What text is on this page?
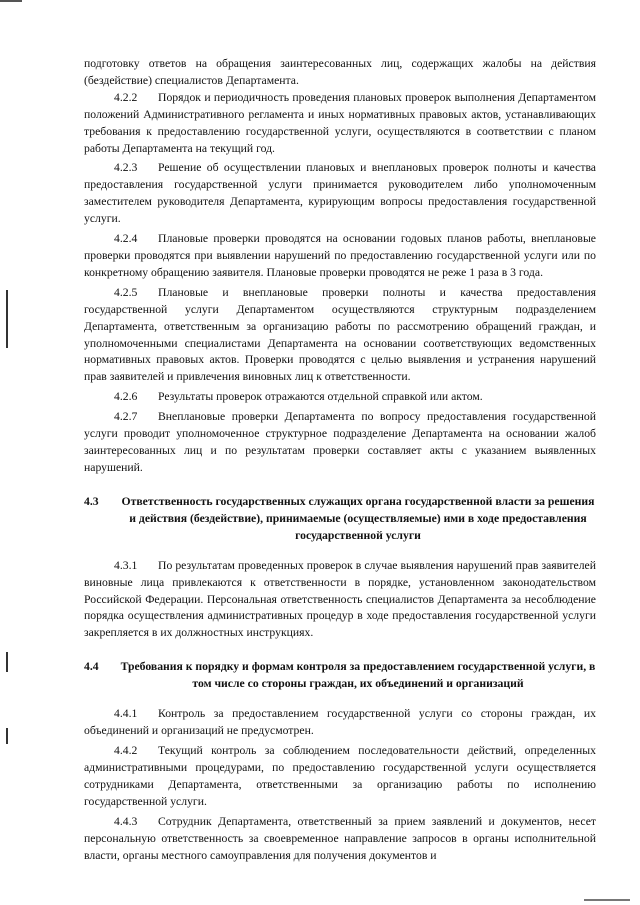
подготовку ответов на обращения заинтересованных лиц, содержащих жалобы на действия (бездействие) специалистов Департамента.

4.2.2 Порядок и периодичность проведения плановых проверок выполнения Департаментом положений Административного регламента и иных нормативных правовых актов, устанавливающих требования к предоставлению государственной услуги, осуществляются в соответствии с планом работы Департамента на текущий год.

4.2.3 Решение об осуществлении плановых и внеплановых проверок полноты и качества предоставления государственной услуги принимается руководителем либо уполномоченным заместителем руководителя Департамента, курирующим вопросы предоставления государственной услуги.

4.2.4 Плановые проверки проводятся на основании годовых планов работы, внеплановые проверки проводятся при выявлении нарушений по предоставлению государственной услуги или по конкретному обращению заявителя. Плановые проверки проводятся не реже 1 раза в 3 года.

4.2.5 Плановые и внеплановые проверки полноты и качества предоставления государственной услуги Департаментом осуществляются структурным подразделением Департамента, ответственным за организацию работы по рассмотрению обращений граждан, и уполномоченными специалистами Департамента на основании соответствующих ведомственных нормативных правовых актов. Проверки проводятся с целью выявления и устранения нарушений прав заявителей и привлечения виновных лиц к ответственности.

4.2.6 Результаты проверок отражаются отдельной справкой или актом.

4.2.7 Внеплановые проверки Департамента по вопросу предоставления государственной услуги проводит уполномоченное структурное подразделение Департамента на основании жалоб заинтересованных лиц и по результатам проверки составляет акты с указанием выявленных нарушений.

4.3	Ответственность государственных служащих органа государственной власти за решения и действия (бездействие), принимаемые (осуществляемые) ими в ходе предоставления государственной услуги

4.3.1 По результатам проведенных проверок в случае выявления нарушений прав заявителей виновные лица привлекаются к ответственности в порядке, установленном законодательством Российской Федерации. Персональная ответственность специалистов Департамента за несоблюдение порядка осуществления административных процедур в ходе предоставления государственной услуги закрепляется в их должностных инструкциях.

4.4	Требования к порядку и формам контроля за предоставлением государственной услуги, в том числе со стороны граждан, их объединений и организаций

4.4.1 Контроль за предоставлением государственной услуги со стороны граждан, их объединений и организаций не предусмотрен.

4.4.2 Текущий контроль за соблюдением последовательности действий, определенных административными процедурами, по предоставлению государственной услуги осуществляется сотрудниками Департамента, ответственными за организацию работы по исполнению государственной услуги.

4.4.3 Сотрудник Департамента, ответственный за прием заявлений и документов, несет персональную ответственность за своевременное направление запросов в органы исполнительной власти, органы местного самоуправления для получения документов и
